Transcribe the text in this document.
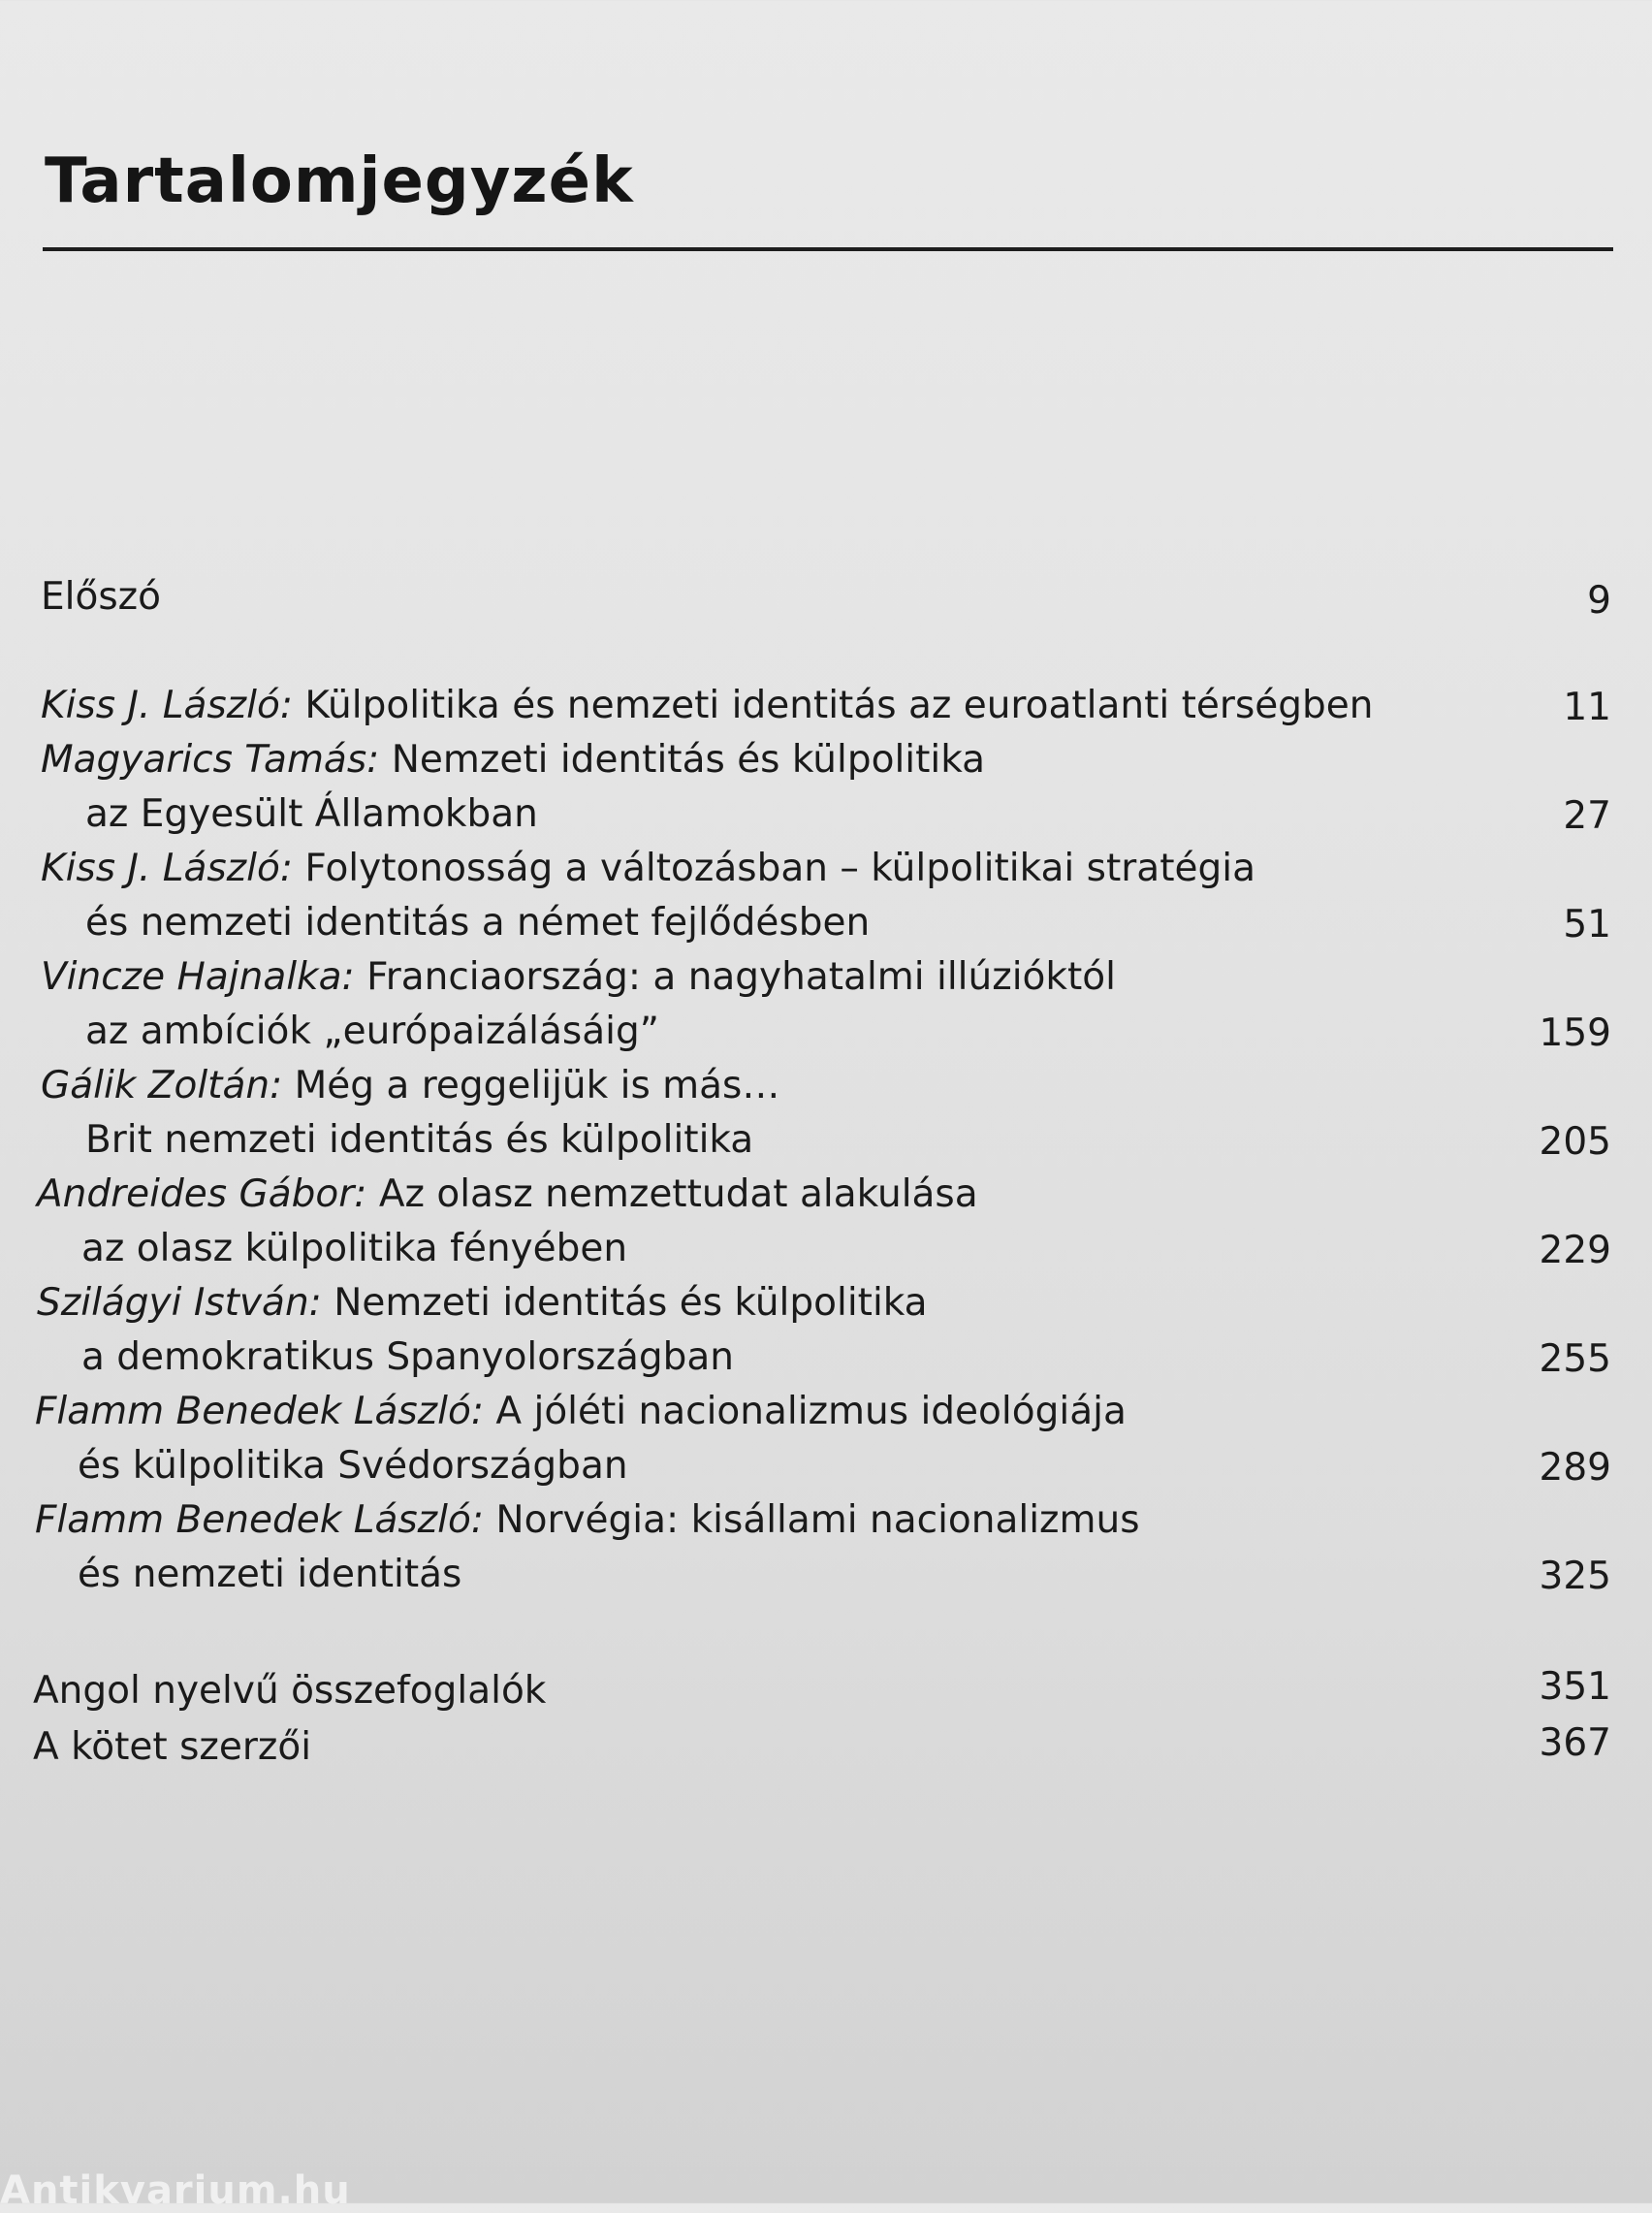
Tartalomjegyzék
Előszó	9
Kiss J. László: Külpolitika és nemzeti identitás az euroatlanti térségben	11
Magyarics Tamás: Nemzeti identitás és külpolitika
az Egyesült Államokban	27
Kiss J. László: Folytonosság a változásban – külpolitikai stratégia
és nemzeti identitás a német fejlődésben	51
Vincze Hajnalka: Franciaország: a nagyhatalmi illúzióktól
az ambíciók „európaizálásáig”	159
Gálik Zoltán: Még a reggelijük is más…
Brit nemzeti identitás és külpolitika	205
Andreides Gábor: Az olasz nemzettudat alakulása
az olasz külpolitika fényében	229
Szilágyi István: Nemzeti identitás és külpolitika
a demokratikus Spanyolországban	255
Flamm Benedek László: A jóléti nacionalizmus ideológiája
és külpolitika Svédországban	289
Flamm Benedek László: Norvégia: kisállami nacionalizmus
és nemzeti identitás	325
Angol nyelvű összefoglalók	351
A kötet szerzői	367
Antikvarium.hu
